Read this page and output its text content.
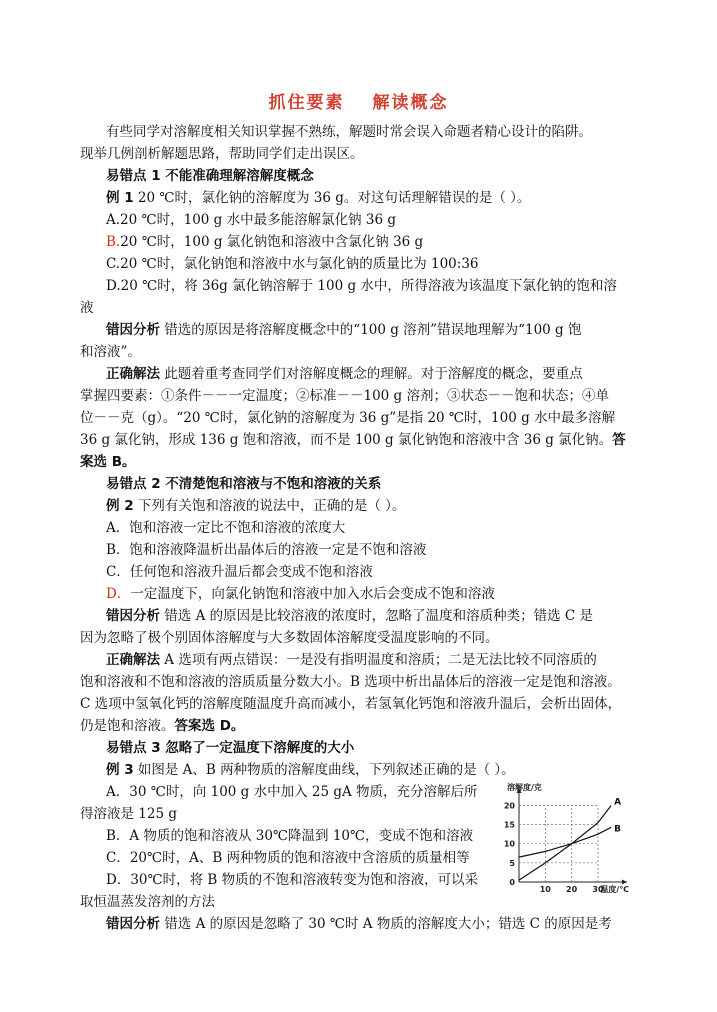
抓住要素 解读概念
有些同学对溶解度相关知识掌握不熟练，解题时常会误入命题者精心设计的陷阱。
现举几例剖析解题思路，帮助同学们走出误区。
易错点 1 不能准确理解溶解度概念
例 1 20 ℃时，氯化钠的溶解度为 36 g。对这句话理解错误的是（ ）。
A.20 ℃时，100 g 水中最多能溶解氯化钠 36 g
B.20 ℃时，100 g 氯化钠饱和溶液中含氯化钠 36 g
C.20 ℃时，氯化钠饱和溶液中水与氯化钠的质量比为 100:36
D.20 ℃时，将 36g 氯化钠溶解于 100 g 水中，所得溶液为该温度下氯化钠的饱和溶
液
错因分析 错选的原因是将溶解度概念中的“100 g 溶剂”错误地理解为“100 g 饱
和溶液”。
正确解法 此题着重考查同学们对溶解度概念的理解。对于溶解度的概念，要重点
掌握四要素：①条件－－一定温度；②标准－－100 g 溶剂；③状态－－饱和状态；④单
位－－克（g）。“20 ℃时，氯化钠的溶解度为 36 g”是指 20 ℃时，100 g 水中最多溶解
36 g 氯化钠，形成 136 g 饱和溶液，而不是 100 g 氯化钠饱和溶液中含 36 g 氯化钠。答
案选 B。
易错点 2 不清楚饱和溶液与不饱和溶液的关系
例 2 下列有关饱和溶液的说法中，正确的是（ ）。
A．饱和溶液一定比不饱和溶液的浓度大
B．饱和溶液降温析出晶体后的溶液一定是不饱和溶液
C．任何饱和溶液升温后都会变成不饱和溶液
D．一定温度下，向氯化钠饱和溶液中加入水后会变成不饱和溶液
错因分析 错选 A 的原因是比较溶液的浓度时，忽略了温度和溶质种类；错选 C 是
因为忽略了极个别固体溶解度与大多数固体溶解度受温度影响的不同。
正确解法 A 选项有两点错误：一是没有指明温度和溶质；二是无法比较不同溶质的
饱和溶液和不饱和溶液的溶质质量分数大小。B 选项中析出晶体后的溶液一定是饱和溶液。
C 选项中氢氧化钙的溶解度随温度升高而减小，若氢氧化钙饱和溶液升温后，会析出固体，
仍是饱和溶液。答案选 D。
易错点 3 忽略了一定温度下溶解度的大小
例 3 如图是 A、B 两种物质的溶解度曲线，下列叙述正确的是（ ）。
A．30 ℃时，向 100 g 水中加入 25 gA 物质，充分溶解后所
得溶液是 125 g
B．A 物质的饱和溶液从 30℃降温到 10℃，变成不饱和溶液
C．20℃时，A、B 两种物质的饱和溶液中含溶质的质量相等
D．30℃时，将 B 物质的不饱和溶液转变为饱和溶液，可以采
取恒温蒸发溶剂的方法
错因分析 错选 A 的原因是忽略了 30 ℃时 A 物质的溶解度大小；错选 C 的原因是考
A
B
5
10
15
20
10 20 30
0
溶解度/克
温度/℃
